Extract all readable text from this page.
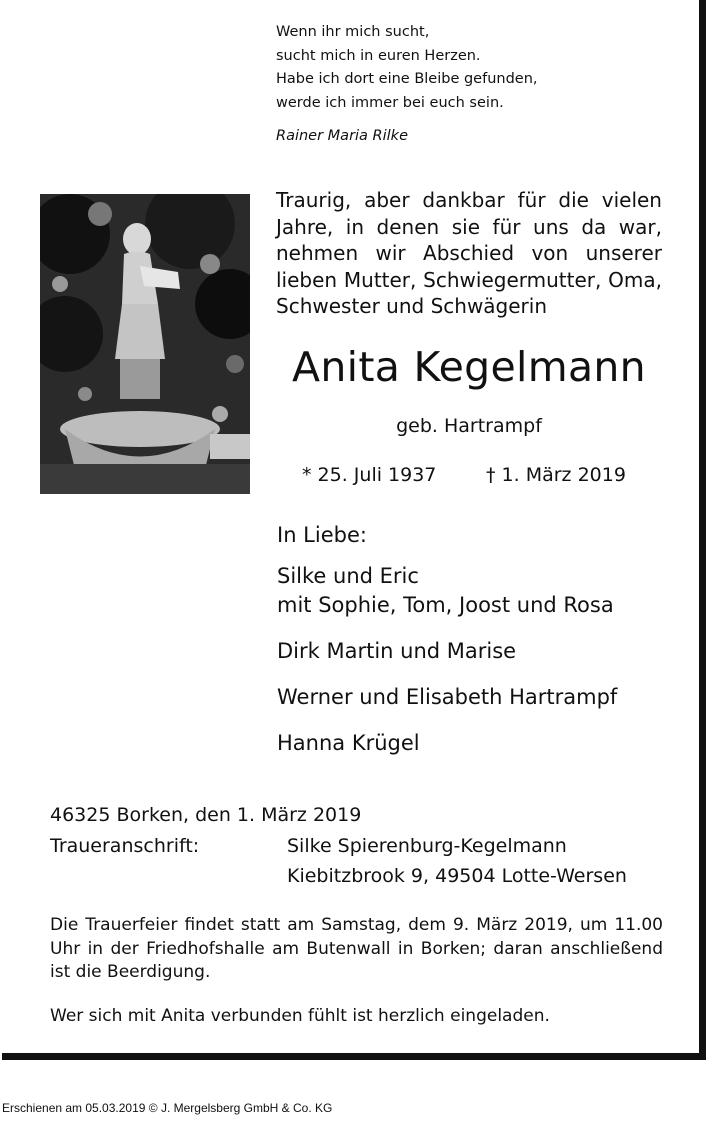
Wenn ihr mich sucht,
sucht mich in euren Herzen.
Habe ich dort eine Bleibe gefunden,
werde ich immer bei euch sein.
Rainer Maria Rilke
Traurig, aber dankbar für die vielen Jahre, in denen sie für uns da war, nehmen wir Abschied von unserer lieben Mutter, Schwiegermutter, Oma, Schwester und Schwägerin
Anita Kegelmann
geb. Hartrampf
* 25. Juli 1937	† 1. März 2019
In Liebe:
Silke und Eric
mit Sophie, Tom, Joost und Rosa
Dirk Martin und Marise
Werner und Elisabeth Hartrampf
Hanna Krügel
46325 Borken, den 1. März 2019
Traueranschrift:	Silke Spierenburg-Kegelmann
Kiebitzbrook 9, 49504 Lotte-Wersen
Die Trauerfeier findet statt am Samstag, dem 9. März 2019, um 11.00 Uhr in der Friedhofshalle am Butenwall in Borken; daran anschließend ist die Beerdigung.
Wer sich mit Anita verbunden fühlt ist herzlich eingeladen.
Erschienen am 05.03.2019 © J. Mergelsberg GmbH & Co. KG
